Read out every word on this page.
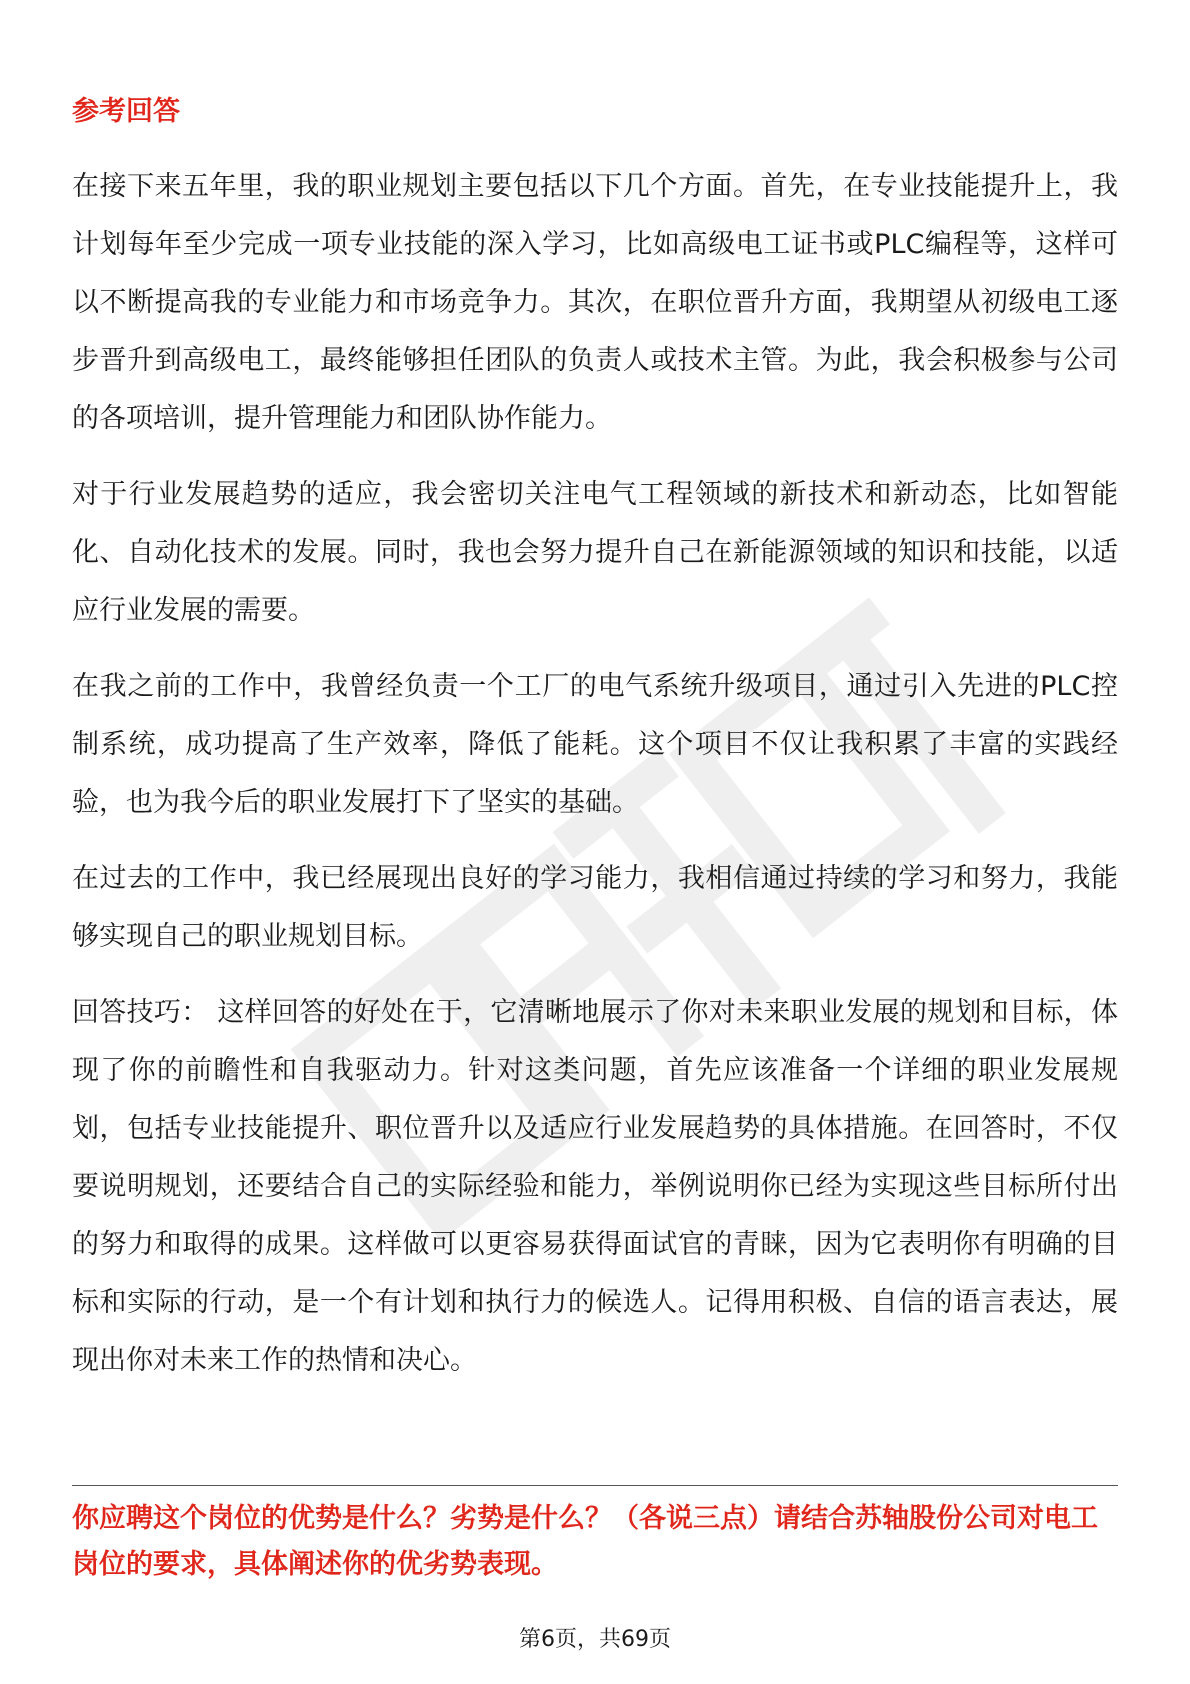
参考回答

在接下来五年里，我的职业规划主要包括以下几个方面。首先，在专业技能提升上，我计划每年至少完成一项专业技能的深入学习，比如高级电工证书或PLC编程等，这样可以不断提高我的专业能力和市场竞争力。其次，在职位晋升方面，我期望从初级电工逐步晋升到高级电工，最终能够担任团队的负责人或技术主管。为此，我会积极参与公司的各项培训，提升管理能力和团队协作能力。

对于行业发展趋势的适应，我会密切关注电气工程领域的新技术和新动态，比如智能化、自动化技术的发展。同时，我也会努力提升自己在新能源领域的知识和技能，以适应行业发展的需要。

在我之前的工作中，我曾经负责一个工厂的电气系统升级项目，通过引入先进的PLC控制系统，成功提高了生产效率，降低了能耗。这个项目不仅让我积累了丰富的实践经验，也为我今后的职业发展打下了坚实的基础。

在过去的工作中，我已经展现出良好的学习能力，我相信通过持续的学习和努力，我能够实现自己的职业规划目标。

回答技巧： 这样回答的好处在于，它清晰地展示了你对未来职业发展的规划和目标，体现了你的前瞻性和自我驱动力。针对这类问题，首先应该准备一个详细的职业发展规划，包括专业技能提升、职位晋升以及适应行业发展趋势的具体措施。在回答时，不仅要说明规划，还要结合自己的实际经验和能力，举例说明你已经为实现这些目标所付出的努力和取得的成果。这样做可以更容易获得面试官的青睐，因为它表明你有明确的目标和实际的行动，是一个有计划和执行力的候选人。记得用积极、自信的语言表达，展现出你对未来工作的热情和决心。

你应聘这个岗位的优势是什么？劣势是什么？（各说三点）请结合苏轴股份公司对电工岗位的要求，具体阐述你的优劣势表现。
第6页，共69页
